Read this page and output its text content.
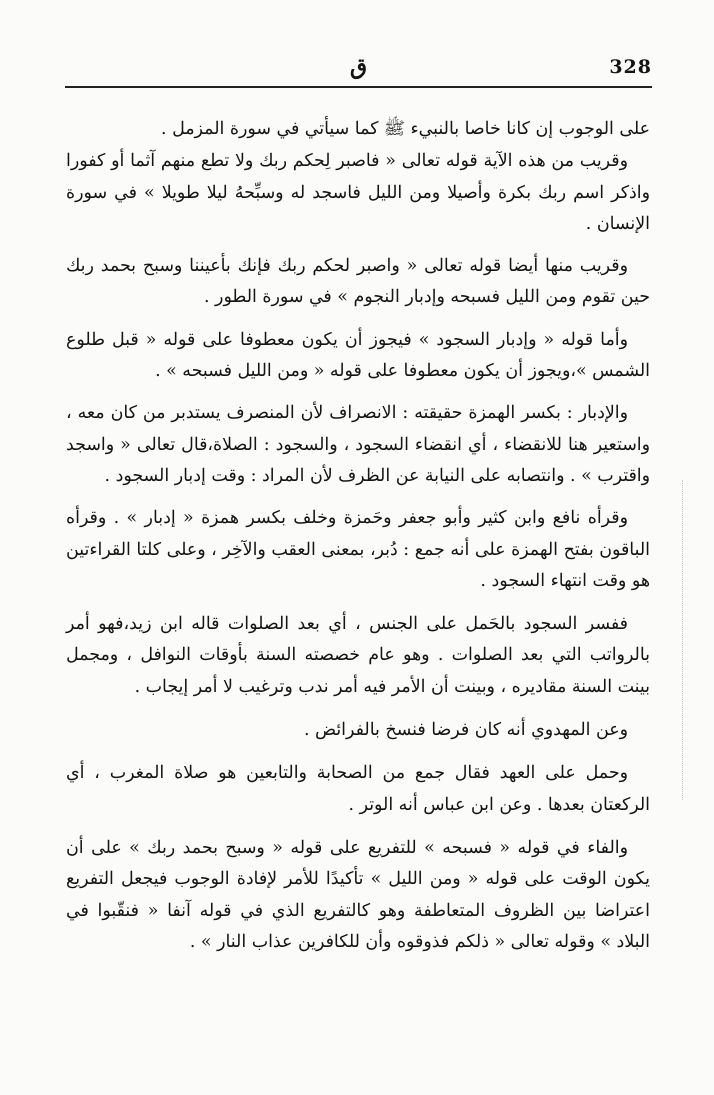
328
ق

على الوجوب إن كانا خاصا بالنبيء ﷺ كما سيأتي في سورة المزمل .

وقريب من هذه الآية قوله تعالى « فاصبر لِحكم ربك ولا تطع منهم آثما أو كفورا واذكر اسم ربك بكرة وأصيلا ومن الليل فاسجد له وسبِّحهُ ليلا طويلا » في سورة الإنسان .

وقريب منها أيضا قوله تعالى « واصبر لحكم ربك فإنك بأعيننا وسبح بحمد ربك حين تقوم ومن الليل فسبحه وإدبار النجوم » في سورة الطور .

وأما قوله « وإدبار السجود » فيجوز أن يكون معطوفا على قوله « قبل طلوع الشمس »،ويجوز أن يكون معطوفا على قوله « ومن الليل فسبحه » .

والإدبار : بكسر الهمزة حقيقته : الانصراف لأن المنصرف يستدبر من كان معه ، واستعير هنا للانقضاء ، أي انقضاء السجود ، والسجود : الصلاة،قال تعالى « واسجد واقترب » . وانتصابه على النيابة عن الظرف لأن المراد : وقت إدبار السجود .

وقرأه نافع وابن كثير وأبو جعفر وحَمزة وخلف بكسر همزة « إدبار » . وقرأه الباقون بفتح الهمزة على أنه جمع : دُبر، بمعنى العقب والآخِر ، وعلى كلتا القراءتين هو وقت انتهاء السجود .

ففسر السجود بالحَمل على الجنس ، أي بعد الصلوات قاله ابن زيد،فهو أمر بالرواتب التي بعد الصلوات . وهو عام خصصته السنة بأوقات النوافل ، ومجمل بينت السنة مقاديره ، وبينت أن الأمر فيه أمر ندب وترغيب لا أمر إيجاب .

وعن المهدوي أنه كان فرضا فنسخ بالفرائض .

وحمل على العهد فقال جمع من الصحابة والتابعين هو صلاة المغرب ، أي الركعتان بعدها . وعن ابن عباس أنه الوتر .

والفاء في قوله « فسبحه » للتفريع على قوله « وسبح بحمد ربك » على أن يكون الوقت على قوله « ومن الليل » تأكيدًا للأمر لإفادة الوجوب فيجعل التفريع اعتراضا بين الظروف المتعاطفة وهو كالتفريع الذي في قوله آنفا « فنقّبوا في البلاد » وقوله تعالى « ذلكم فذوقوه وأن للكافرين عذاب النار » .
